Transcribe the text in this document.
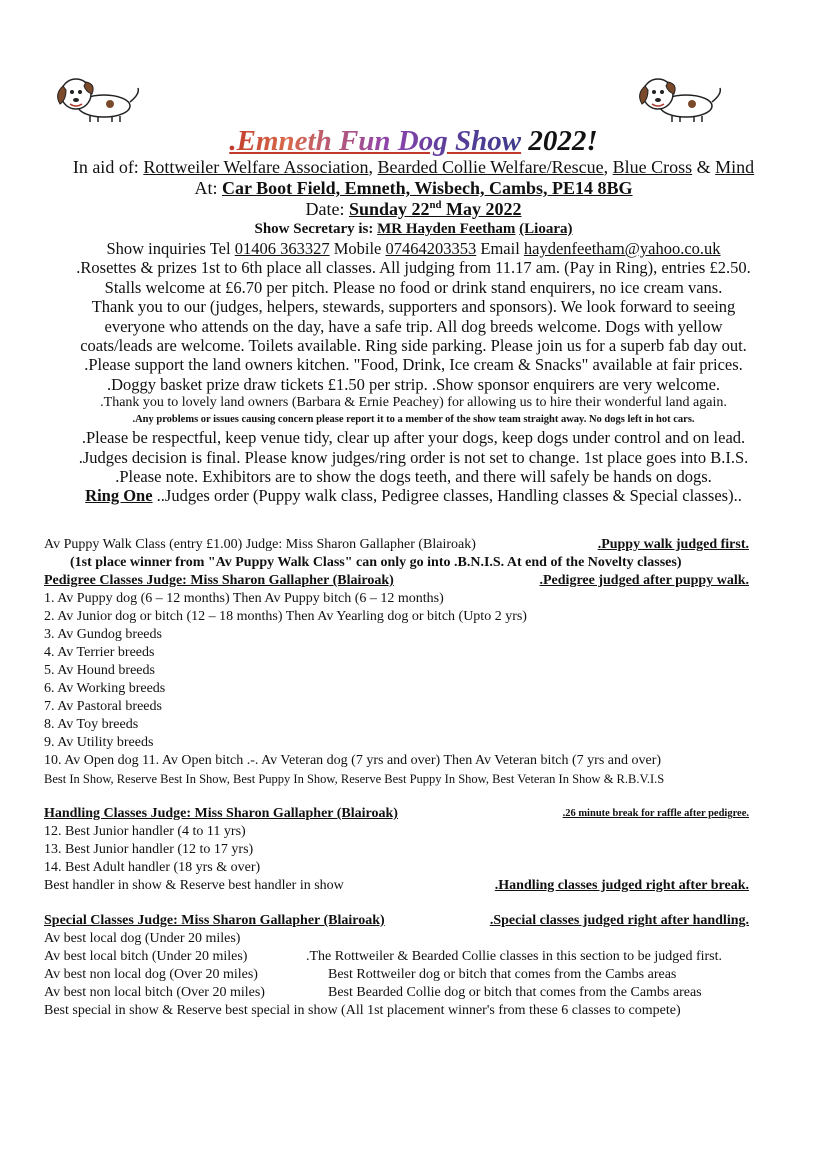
.Emneth Fun Dog Show 2022!
In aid of: Rottweiler Welfare Association, Bearded Collie Welfare/Rescue, Blue Cross & Mind
At: Car Boot Field, Emneth, Wisbech, Cambs, PE14 8BG
Date: Sunday 22nd May 2022
Show Secretary is: MR Hayden Feetham (Lioara)
Show inquiries Tel 01406 363327 Mobile 07464203353 Email haydenfeetham@yahoo.co.uk
.Rosettes & prizes 1st to 6th place all classes. All judging from 11.17 am. (Pay in Ring), entries £2.50.
Stalls welcome at £6.70 per pitch. Please no food or drink stand enquirers, no ice cream vans.
Thank you to our (judges, helpers, stewards, supporters and sponsors). We look forward to seeing
everyone who attends on the day, have a safe trip. All dog breeds welcome. Dogs with yellow
coats/leads are welcome. Toilets available. Ring side parking. Please join us for a superb fab day out.
.Please support the land owners kitchen. "Food, Drink, Ice cream & Snacks" available at fair prices.
.Doggy basket prize draw tickets £1.50 per strip. .Show sponsor enquirers are very welcome.
.Thank you to lovely land owners (Barbara & Ernie Peachey) for allowing us to hire their wonderful land again.
.Any problems or issues causing concern please report it to a member of the show team straight away. No dogs left in hot cars.
.Please be respectful, keep venue tidy, clear up after your dogs, keep dogs under control and on lead.
.Judges decision is final. Please know judges/ring order is not set to change. 1st place goes into B.I.S.
.Please note. Exhibitors are to show the dogs teeth, and there will safely be hands on dogs.
Ring One ..Judges order (Puppy walk class, Pedigree classes, Handling classes & Special classes)..
Av Puppy Walk Class (entry £1.00) Judge: Miss Sharon Gallapher (Blairoak)	.Puppy walk judged first.
(1st place winner from "Av Puppy Walk Class" can only go into .B.N.I.S. At end of the Novelty classes)
Pedigree Classes Judge: Miss Sharon Gallapher (Blairoak)	.Pedigree judged after puppy walk.
1. Av Puppy dog (6 – 12 months) Then Av Puppy bitch (6 – 12 months)
2. Av Junior dog or bitch (12 – 18 months) Then Av Yearling dog or bitch (Upto 2 yrs)
3. Av Gundog breeds
4. Av Terrier breeds
5. Av Hound breeds
6. Av Working breeds
7. Av Pastoral breeds
8. Av Toy breeds
9. Av Utility breeds
10. Av Open dog 11. Av Open bitch .-. Av Veteran dog (7 yrs and over) Then Av Veteran bitch (7 yrs and over)
Best In Show, Reserve Best In Show, Best Puppy In Show, Reserve Best Puppy In Show, Best Veteran In Show & R.B.V.I.S
Handling Classes Judge: Miss Sharon Gallapher (Blairoak)	.26 minute break for raffle after pedigree.
12. Best Junior handler (4 to 11 yrs)
13. Best Junior handler (12 to 17 yrs)
14. Best Adult handler (18 yrs & over)
Best handler in show & Reserve best handler in show	.Handling classes judged right after break.
Special Classes Judge: Miss Sharon Gallapher (Blairoak)	.Special classes judged right after handling.
Av best local dog (Under 20 miles)
Av best local bitch (Under 20 miles)	.The Rottweiler & Bearded Collie classes in this section to be judged first.
Av best non local dog (Over 20 miles)	Best Rottweiler dog or bitch that comes from the Cambs areas
Av best non local bitch (Over 20 miles)	Best Bearded Collie dog or bitch that comes from the Cambs areas
Best special in show & Reserve best special in show (All 1st placement winner's from these 6 classes to compete)
